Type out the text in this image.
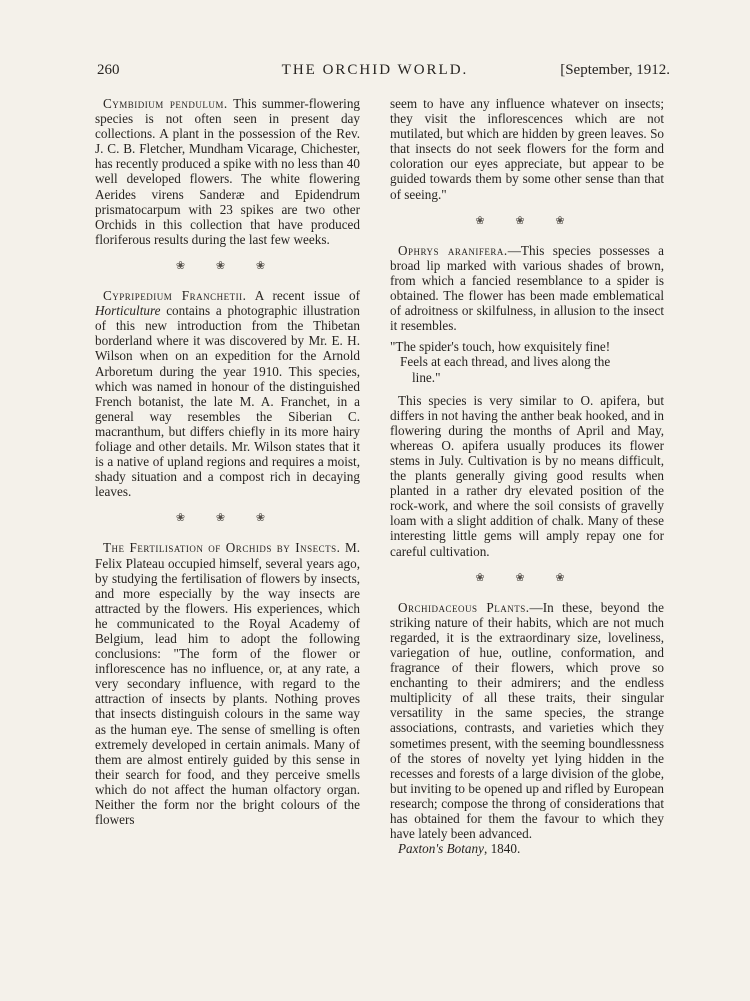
260	THE ORCHID WORLD.	[September, 1912.

Cymbidium pendulum. This summer-flowering species is not often seen in present day collections. A plant in the possession of the Rev. J. C. B. Fletcher, Mundham Vicarage, Chichester, has recently produced a spike with no less than 40 well developed flowers. The white flowering Aerides virens Sanderæ and Epidendrum prismatocarpum with 23 spikes are two other Orchids in this collection that have produced floriferous results during the last few weeks.

❀ ❀ ❀

Cypripedium Franchetii. A recent issue of Horticulture contains a photographic illustration of this new introduction from the Thibetan borderland where it was discovered by Mr. E. H. Wilson when on an expedition for the Arnold Arboretum during the year 1910. This species, which was named in honour of the distinguished French botanist, the late M. A. Franchet, in a general way resembles the Siberian C. macranthum, but differs chiefly in its more hairy foliage and other details. Mr. Wilson states that it is a native of upland regions and requires a moist, shady situation and a compost rich in decaying leaves.

❀ ❀ ❀

The Fertilisation of Orchids by Insects. M. Felix Plateau occupied himself, several years ago, by studying the fertilisation of flowers by insects, and more especially by the way insects are attracted by the flowers. His experiences, which he communicated to the Royal Academy of Belgium, lead him to adopt the following conclusions: "The form of the flower or inflorescence has no influence, or, at any rate, a very secondary influence, with regard to the attraction of insects by plants. Nothing proves that insects distinguish colours in the same way as the human eye. The sense of smelling is often extremely developed in certain animals. Many of them are almost entirely guided by this sense in their search for food, and they perceive smells which do not affect the human olfactory organ. Neither the form nor the bright colours of the flowers

seem to have any influence whatever on insects; they visit the inflorescences which are not mutilated, but which are hidden by green leaves. So that insects do not seek flowers for the form and coloration our eyes appreciate, but appear to be guided towards them by some other sense than that of seeing."

❀ ❀ ❀

Ophrys aranifera.—This species possesses a broad lip marked with various shades of brown, from which a fancied resemblance to a spider is obtained. The flower has been made emblematical of adroitness or skilfulness, in allusion to the insect it resembles.

"The spider's touch, how exquisitely fine!

Feels at each thread, and lives along the

line."

This species is very similar to O. apifera, but differs in not having the anther beak hooked, and in flowering during the months of April and May, whereas O. apifera usually produces its flower stems in July. Cultivation is by no means difficult, the plants generally giving good results when planted in a rather dry elevated position of the rock-work, and where the soil consists of gravelly loam with a slight addition of chalk. Many of these interesting little gems will amply repay one for careful cultivation.

❀ ❀ ❀

Orchidaceous Plants.—In these, beyond the striking nature of their habits, which are not much regarded, it is the extraordinary size, loveliness, variegation of hue, outline, conformation, and fragrance of their flowers, which prove so enchanting to their admirers; and the endless multiplicity of all these traits, their singular versatility in the same species, the strange associations, contrasts, and varieties which they sometimes present, with the seeming boundlessness of the stores of novelty yet lying hidden in the recesses and forests of a large division of the globe, but inviting to be opened up and rifled by European research; compose the throng of considerations that has obtained for them the favour to which they have lately been advanced.

Paxton's Botany, 1840.
